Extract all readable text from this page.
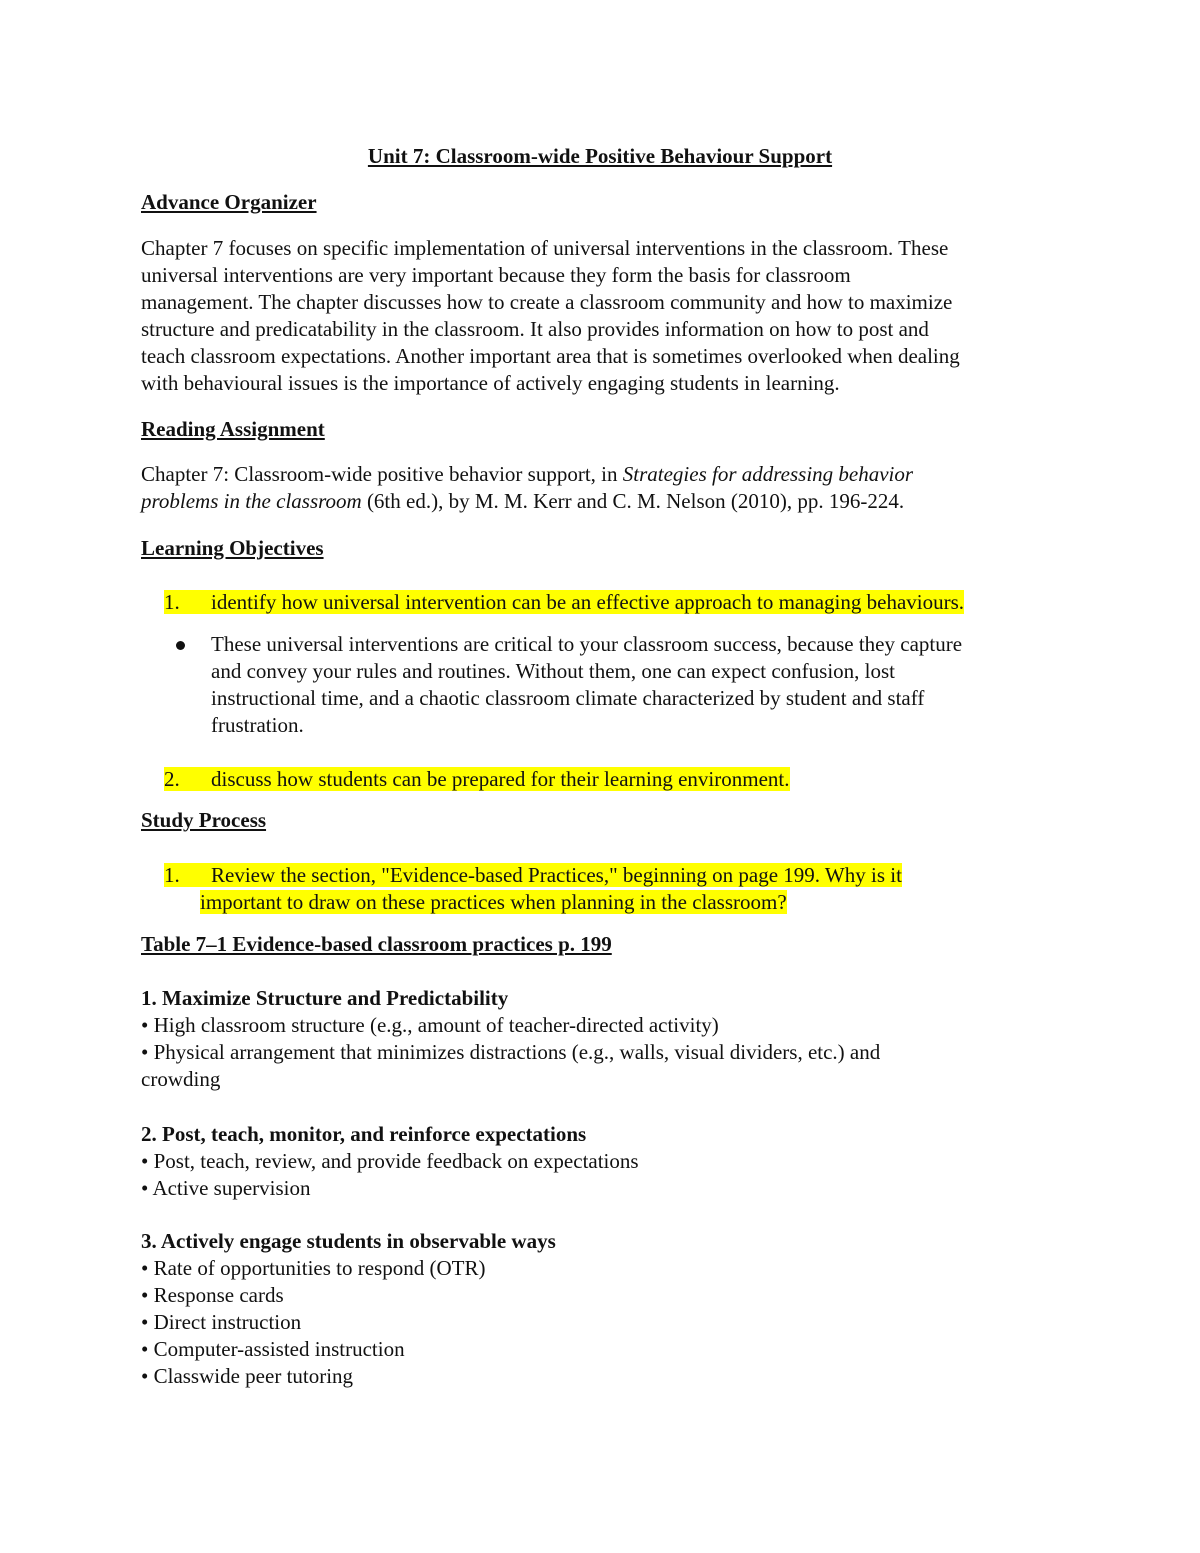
Unit 7: Classroom-wide Positive Behaviour Support
Advance Organizer

Chapter 7 focuses on specific implementation of universal interventions in the classroom. These

universal interventions are very important because they form the basis for classroom

management. The chapter discusses how to create a classroom community and how to maximize

structure and predicatability in the classroom. It also provides information on how to post and

teach classroom expectations. Another important area that is sometimes overlooked when dealing

with behavioural issues is the importance of actively engaging students in learning.

Reading Assignment

Chapter 7: Classroom-wide positive behavior support, in Strategies for addressing behavior

problems in the classroom (6th ed.), by M. M. Kerr and C. M. Nelson (2010), pp. 196-224.

Learning Objectives
1. identify how universal intervention can be an effective approach to managing behaviours.

These universal interventions are critical to your classroom success, because they capture

and convey your rules and routines. Without them, one can expect confusion, lost

instructional time, and a chaotic classroom climate characterized by student and staff

frustration.

2. discuss how students can be prepared for their learning environment.
Study Process

1. Review the section, "Evidence-based Practices," beginning on page 199. Why is it

important to draw on these practices when planning in the classroom?

Table 7–1 Evidence-based classroom practices p. 199

1. Maximize Structure and Predictability

• High classroom structure (e.g., amount of teacher-directed activity)

• Physical arrangement that minimizes distractions (e.g., walls, visual dividers, etc.) and

crowding

2. Post, teach, monitor, and reinforce expectations

• Post, teach, review, and provide feedback on expectations

• Active supervision

3. Actively engage students in observable ways

• Rate of opportunities to respond (OTR)

• Response cards

• Direct instruction

• Computer-assisted instruction

• Classwide peer tutoring
